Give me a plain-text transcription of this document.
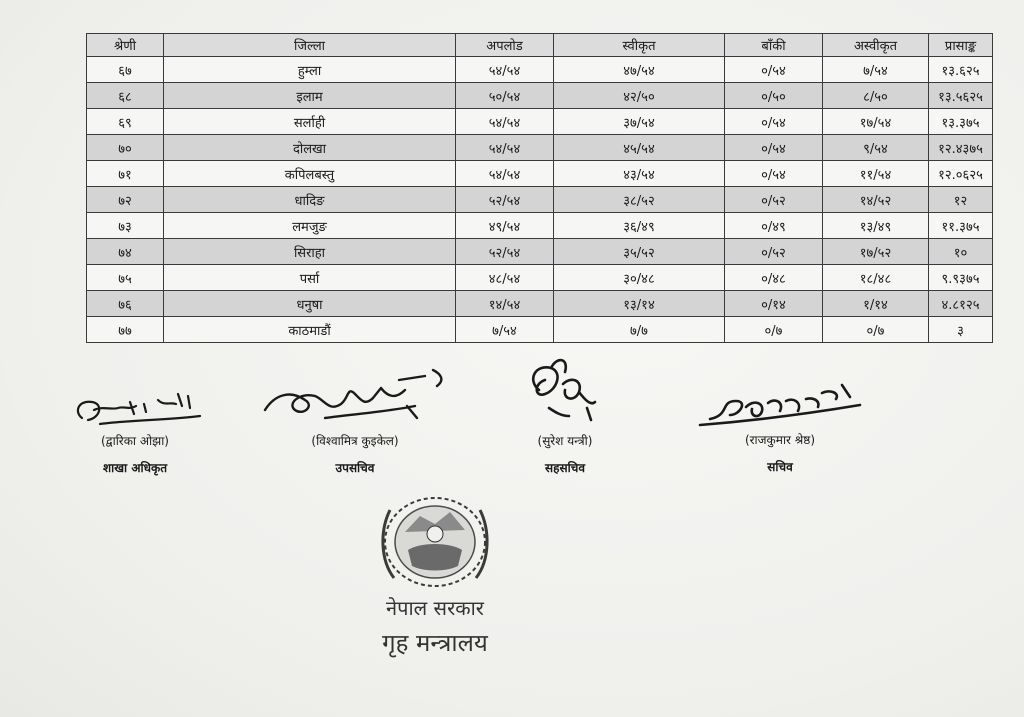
श्रेणी	जिल्ला	अपलोड	स्वीकृत	बाँकी	अस्वीकृत	प्रासाङ्क
६७	हुम्ला	५४/५४	४७/५४	०/५४	७/५४	१३.६२५
६८	इलाम	५०/५४	४२/५०	०/५०	८/५०	१३.५६२५
६९	सर्लाही	५४/५४	३७/५४	०/५४	१७/५४	१३.३७५
७०	दोलखा	५४/५४	४५/५४	०/५४	९/५४	१२.४३७५
७१	कपिलबस्तु	५४/५४	४३/५४	०/५४	११/५४	१२.०६२५
७२	धादिङ	५२/५४	३८/५२	०/५२	१४/५२	१२
७३	लमजुङ	४९/५४	३६/४९	०/४९	१३/४९	११.३७५
७४	सिराहा	५२/५४	३५/५२	०/५२	१७/५२	१०
७५	पर्सा	४८/५४	३०/४८	०/४८	१८/४८	९.९३७५
७६	धनुषा	१४/५४	१३/१४	०/१४	१/१४	४.८१२५
७७	काठमाडौं	७/५४	७/७	०/७	०/७	३
(द्वारिका ओझा)
शाखा अधिकृत
(विश्वामित्र कुइकेल)
उपसचिव
(सुरेश यन्त्री)
सहसचिव
(राजकुमार श्रेष्ठ)
सचिव
नेपाल सरकार
गृह मन्त्रालय
